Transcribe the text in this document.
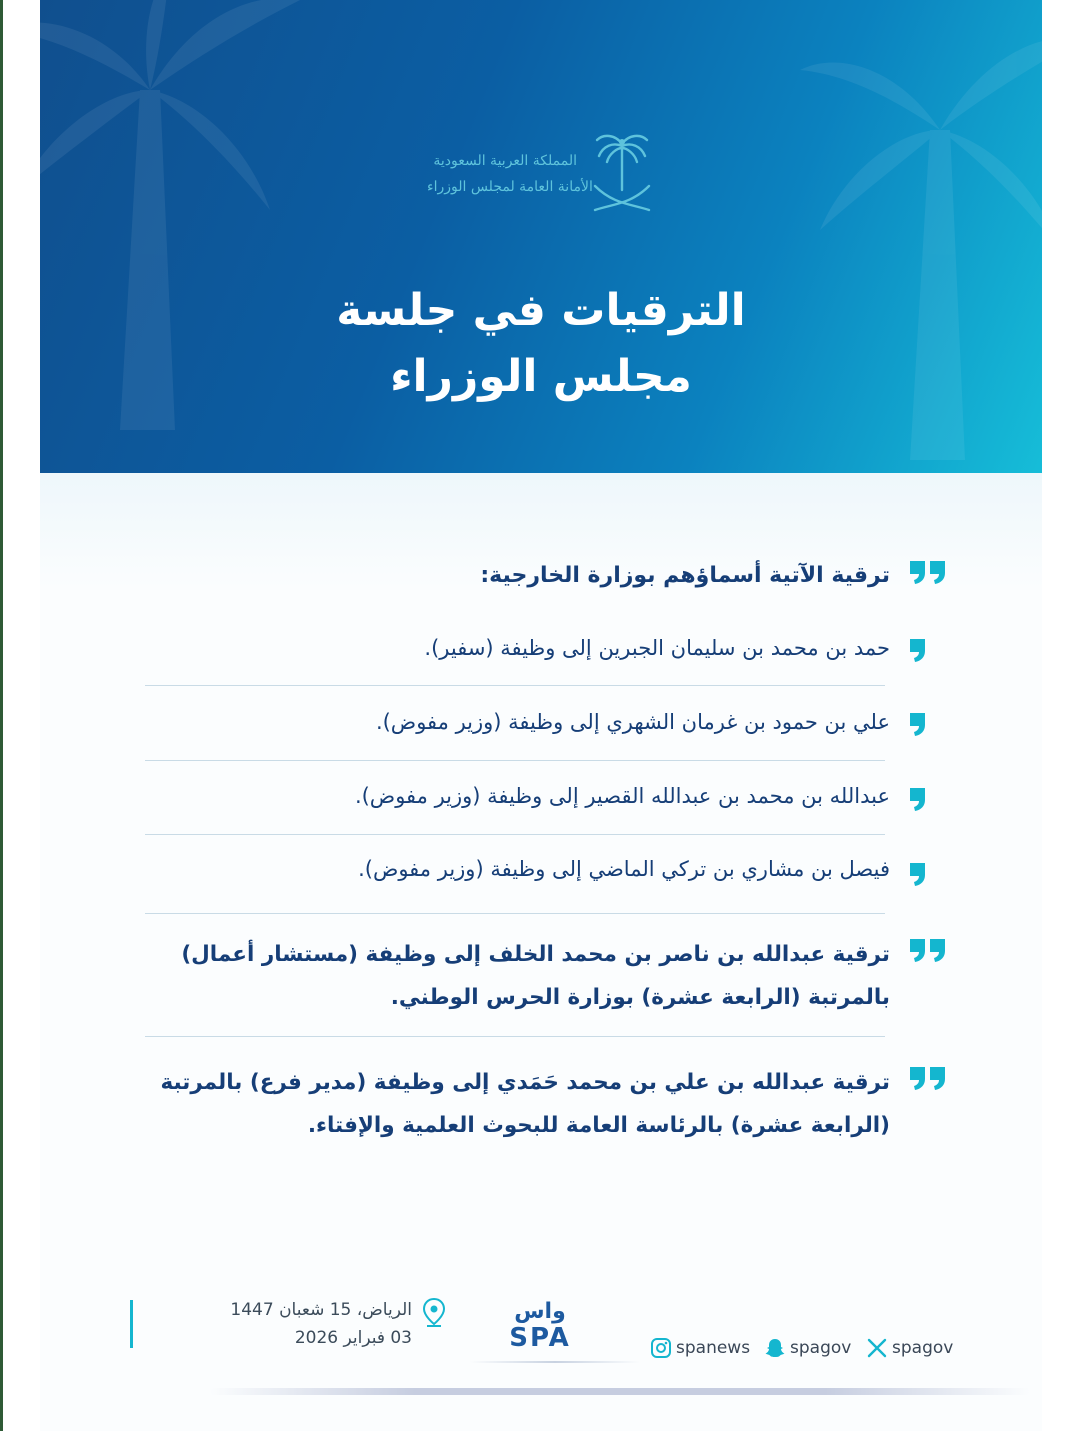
المملكة العربية السعودية
الأمانة العامة لمجلس الوزراء
الترقيات في جلسة
مجلس الوزراء
ترقية الآتية أسماؤهم بوزارة الخارجية:
حمد بن محمد بن سليمان الجبرين إلى وظيفة (سفير).
علي بن حمود بن غرمان الشهري إلى وظيفة (وزير مفوض).
عبدالله بن محمد بن عبدالله القصير إلى وظيفة (وزير مفوض).
فيصل بن مشاري بن تركي الماضي إلى وظيفة (وزير مفوض).
ترقية عبدالله بن ناصر بن محمد الخلف إلى وظيفة (مستشار أعمال) بالمرتبة (الرابعة عشرة) بوزارة الحرس الوطني.
ترقية عبدالله بن علي بن محمد حَمَدي إلى وظيفة (مدير فرع) بالمرتبة (الرابعة عشرة) بالرئاسة العامة للبحوث العلمية والإفتاء.
الرياض، 15 شعبان 1447
03 فبراير 2026
واس
SPA	spanews spagov spagov
